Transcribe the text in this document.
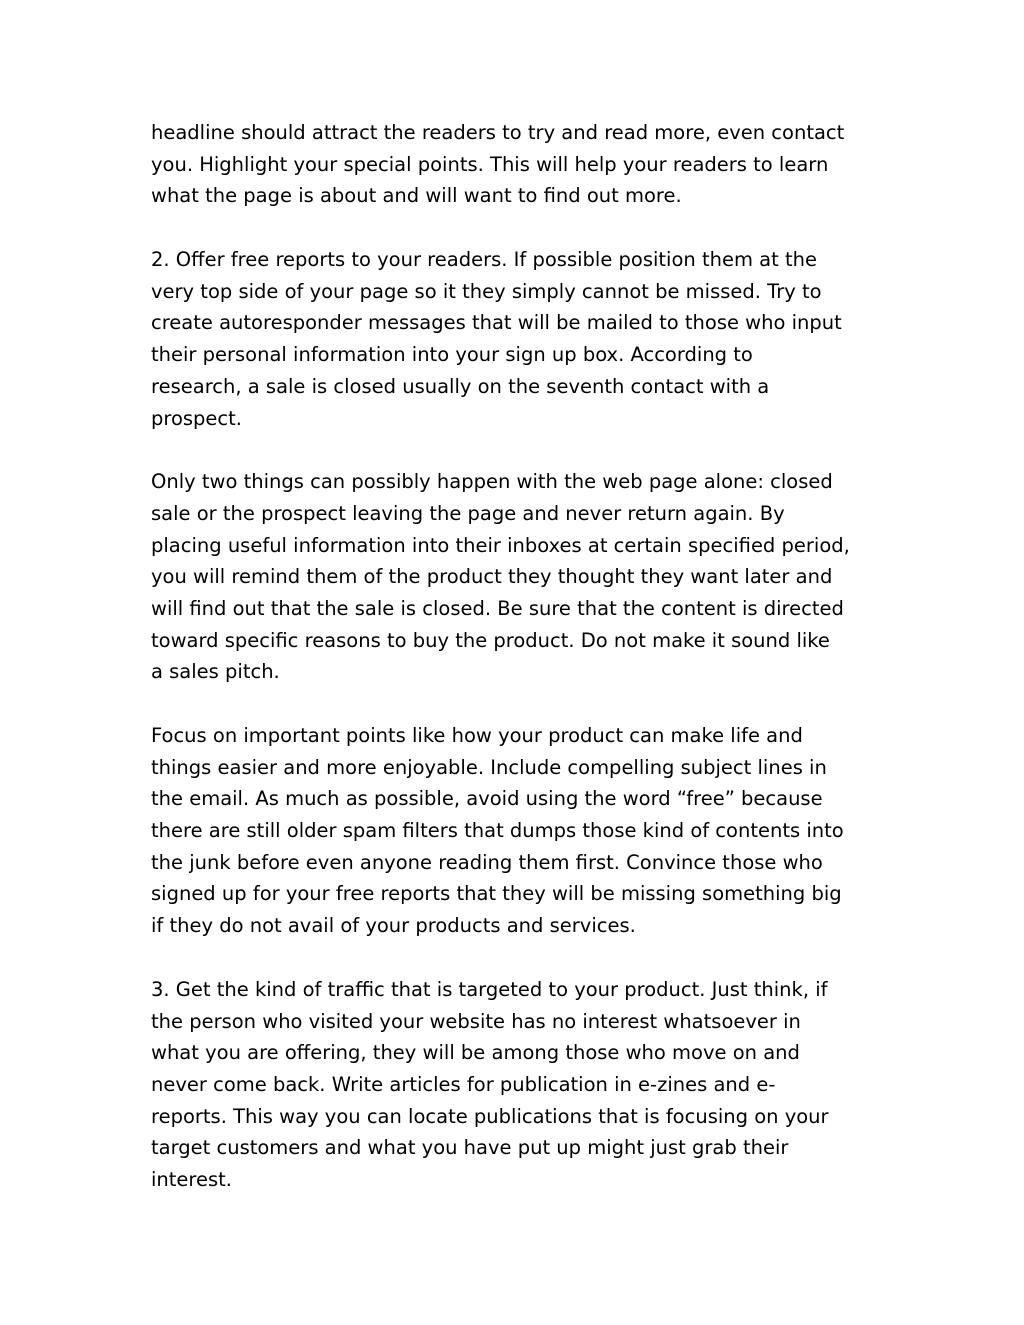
headline should attract the readers to try and read more, even contact
you. Highlight your special points. This will help your readers to learn
what the page is about and will want to find out more.

2. Offer free reports to your readers. If possible position them at the
very top side of your page so it they simply cannot be missed. Try to
create autoresponder messages that will be mailed to those who input
their personal information into your sign up box. According to
research, a sale is closed usually on the seventh contact with a
prospect.

Only two things can possibly happen with the web page alone: closed
sale or the prospect leaving the page and never return again. By
placing useful information into their inboxes at certain specified period,
you will remind them of the product they thought they want later and
will find out that the sale is closed. Be sure that the content is directed
toward specific reasons to buy the product. Do not make it sound like
a sales pitch.

Focus on important points like how your product can make life and
things easier and more enjoyable. Include compelling subject lines in
the email. As much as possible, avoid using the word “free” because
there are still older spam filters that dumps those kind of contents into
the junk before even anyone reading them first. Convince those who
signed up for your free reports that they will be missing something big
if they do not avail of your products and services.

3. Get the kind of traffic that is targeted to your product. Just think, if
the person who visited your website has no interest whatsoever in
what you are offering, they will be among those who move on and
never come back. Write articles for publication in e-zines and e-
reports. This way you can locate publications that is focusing on your
target customers and what you have put up might just grab their
interest.
